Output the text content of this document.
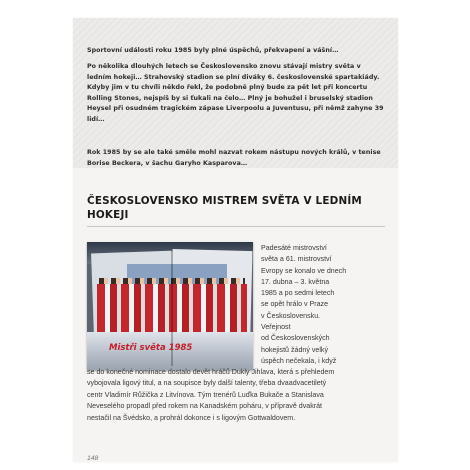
Sportovní události roku 1985 byly plné úspěchů, překvapení a vášní…

Po několika dlouhých letech se Československo znovu stávají mistry světa v ledním hokeji… Strahovský stadion se plní diváky 6. československé spartakiády. Kdyby jim v tu chvíli někdo řekl, že podobně plný bude za pět let při koncertu Rolling Stones, nejspíš by si ťukali na čelo… Plný je bohužel i bruselský stadion Heysel při osudném tragickém zápase Liverpoolu a Juventusu, při němž zahyne 39 lidí…

Rok 1985 by se ale také směle mohl nazvat rokem nástupu nových králů, v tenise Borise Beckera, v šachu Garyho Kasparova…

ČESKOSLOVENSKO MISTREM SVĚTA V LEDNÍM HOKEJI
Mistři světa 1985
Padesáté mistrovství
světa a 61. mistrovství
Evropy se konalo ve dnech
17. dubna – 3. května
1985 a po sedmi letech
se opět hrálo v Praze
v Československu.
Veřejnost
od Československých
hokejistů žádný velký
úspěch nečekala, i když
se do konečné nominace dostalo devět hráčů Dukly Jihlava, která s přehledem
vybojovala ligový titul, a na soupisce byly další talenty, třeba dvaadvacetiletý
centr Vladimír Růžička z Litvínova. Tým trenérů Luďka Bukače a Stanislava
Neveselého propadl před rokem na Kanadském poháru, v přípravě dvakrát
nestačil na Švédsko, a prohrál dokonce i s ligovým Gottwaldovem.
148
